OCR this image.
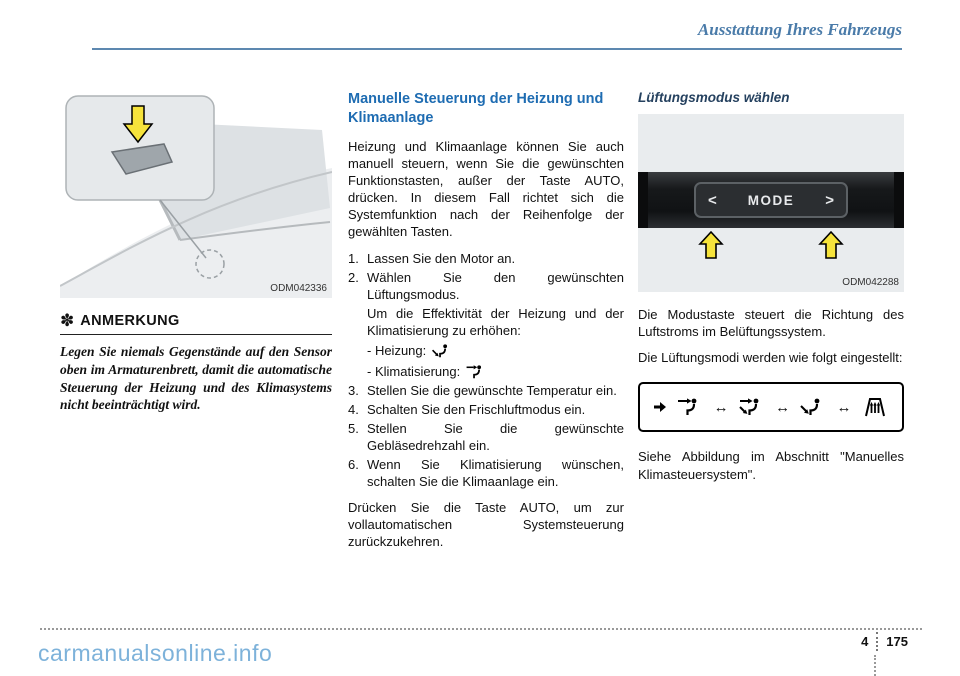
Ausstattung Ihres Fahrzeugs
ODM042336
✽ ANMERKUNG
Legen Sie niemals Gegenstände auf den Sensor oben im Armaturenbrett, damit die automatische Steuerung der Heizung und des Klimasystems nicht beeinträchtigt wird.
Manuelle Steuerung der Heizung und Klimaanlage

Heizung und Klimaanlage können Sie auch manuell steuern, wenn Sie die gewünschten Funktionstasten, außer der Taste AUTO, drücken. In diesem Fall richtet sich die Systemfunktion nach der Reihenfolge der gewählten Tasten.

1. Lassen Sie den Motor an.
2. Wählen Sie den gewünschten Lüftungsmodus.
Um die Effektivität der Heizung und der Klimatisierung zu erhöhen:
- Heizung:
- Klimatisierung:
3. Stellen Sie die gewünschte Temperatur ein.
4. Schalten Sie den Frischluftmodus ein.
5. Stellen Sie die gewünschte Gebläsedrehzahl ein.
6. Wenn Sie Klimatisierung wünschen, schalten Sie die Klimaanlage ein.

Drücken Sie die Taste AUTO, um zur vollautomatischen Systemsteuerung zurückzukehren.

Lüftungsmodus wählen
< MODE >
ODM042288

Die Modustaste steuert die Richtung des Luftstroms im Belüftungssystem.

Die Lüftungsmodi werden wie folgt eingestellt:

↔	↔	↔

Siehe Abbildung im Abschnitt "Manuelles Klimasteuersystem".

4	175
carmanualsonline.info
